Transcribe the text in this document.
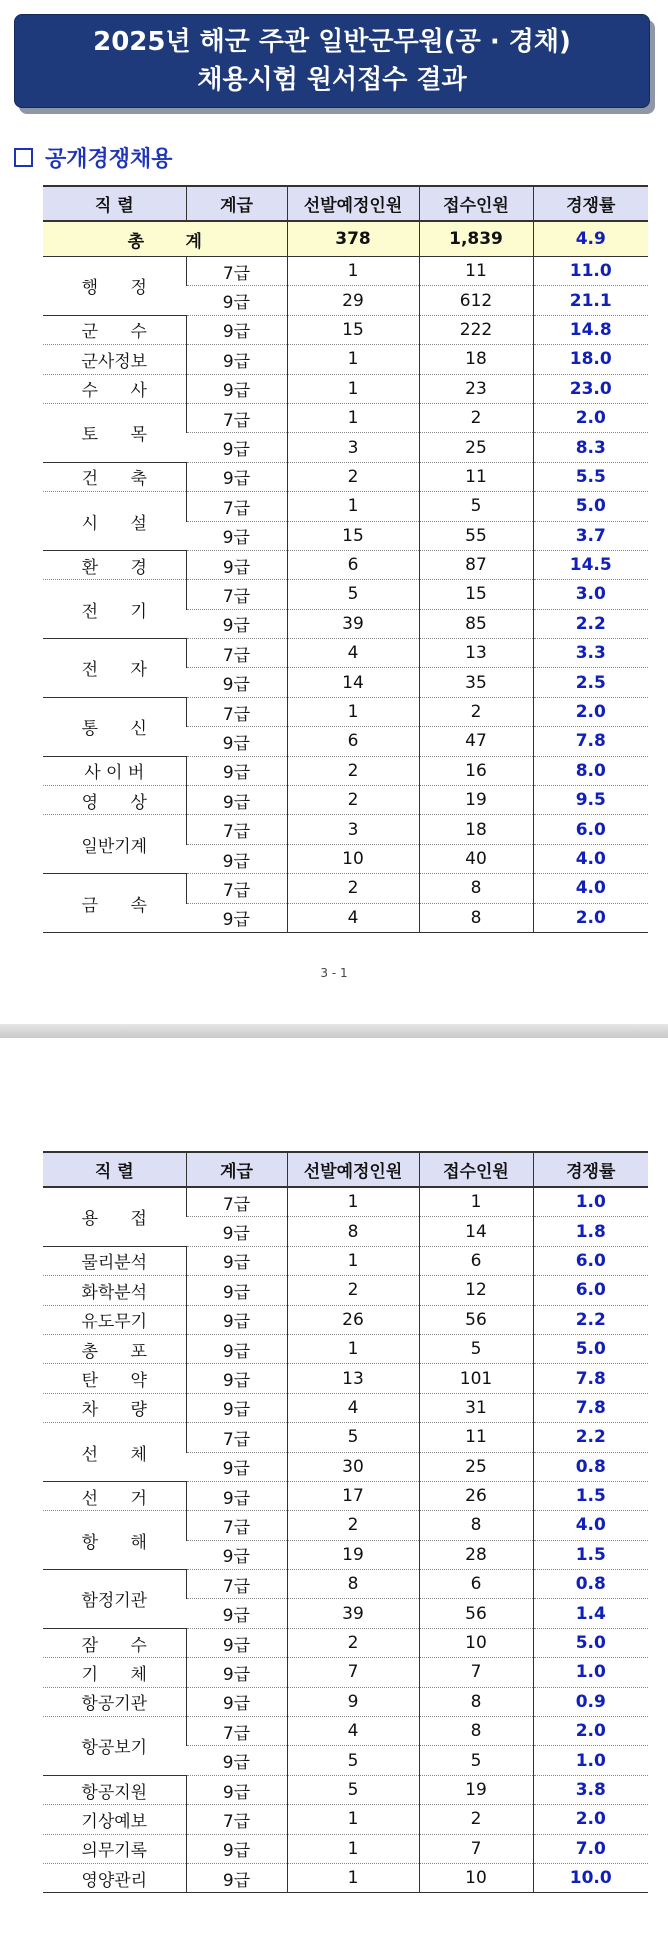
2025년 해군 주관 일반군무원(공 · 경채)
채용시험 원서접수 결과
공개경쟁채용
직 렬	계급	선발예정인원	접수인원	경쟁률
총       계		378	1,839	4.9
행      정	7급	1	11	11.0
	9급	29	612	21.1
군      수	9급	15	222	14.8
군사정보	9급	1	18	18.0
수      사	9급	1	23	23.0
토      목	7급	1	2	2.0
	9급	3	25	8.3
건      축	9급	2	11	5.5
시      설	7급	1	5	5.0
	9급	15	55	3.7
환      경	9급	6	87	14.5
전      기	7급	5	15	3.0
	9급	39	85	2.2
전      자	7급	4	13	3.3
	9급	14	35	2.5
통      신	7급	1	2	2.0
	9급	6	47	7.8
사 이 버	9급	2	16	8.0
영      상	9급	2	19	9.5
일반기계	7급	3	18	6.0
	9급	10	40	4.0
금      속	7급	2	8	4.0
	9급	4	8	2.0
3 - 1
직 렬	계급	선발예정인원	접수인원	경쟁률
용      접	7급	1	1	1.0
	9급	8	14	1.8
물리분석	9급	1	6	6.0
화학분석	9급	2	12	6.0
유도무기	9급	26	56	2.2
총      포	9급	1	5	5.0
탄      약	9급	13	101	7.8
차      량	9급	4	31	7.8
선      체	7급	5	11	2.2
	9급	30	25	0.8
선      거	9급	17	26	1.5
항      해	7급	2	8	4.0
	9급	19	28	1.5
함정기관	7급	8	6	0.8
	9급	39	56	1.4
잠      수	9급	2	10	5.0
기      체	9급	7	7	1.0
항공기관	9급	9	8	0.9
항공보기	7급	4	8	2.0
	9급	5	5	1.0
항공지원	9급	5	19	3.8
기상예보	7급	1	2	2.0
의무기록	9급	1	7	7.0
영양관리	9급	1	10	10.0
